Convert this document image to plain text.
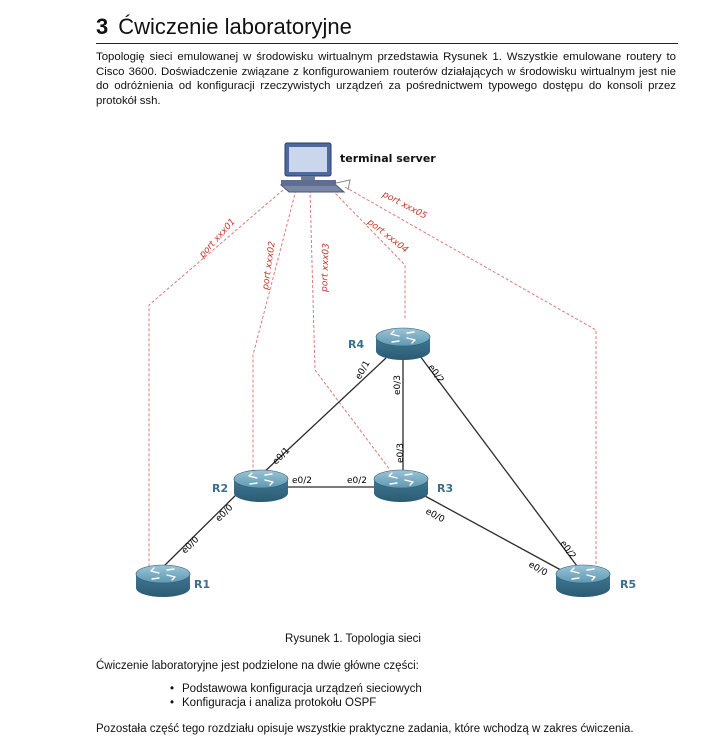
3 Ćwiczenie laboratoryjne
Topologię sieci emulowanej w środowisku wirtualnym przedstawia Rysunek 1. Wszystkie emulowane routery to Cisco 3600. Doświadczenie związane z konfigurowaniem routerów działających w środowisku wirtualnym jest nie do odróżnienia od konfiguracji rzeczywistych urządzeń za pośrednictwem typowego dostępu do konsoli przez protokół ssh.
terminal server
port xxx01
port xxx02	port xxx03
port xxx04
port xxx05
R1
R2	R3
R4
R5
e0/0
e0/0
e0/1
e0/2	e0/2
e0/3
e0/0
e0/1
e0/3	e0/2
e0/2
e0/0
Rysunek 1. Topologia sieci
Ćwiczenie laboratoryjne jest podzielone na dwie główne części:
• Podstawowa konfiguracja urządzeń sieciowych
• Konfiguracja i analiza protokołu OSPF
Pozostała część tego rozdziału opisuje wszystkie praktyczne zadania, które wchodzą w zakres ćwiczenia.
